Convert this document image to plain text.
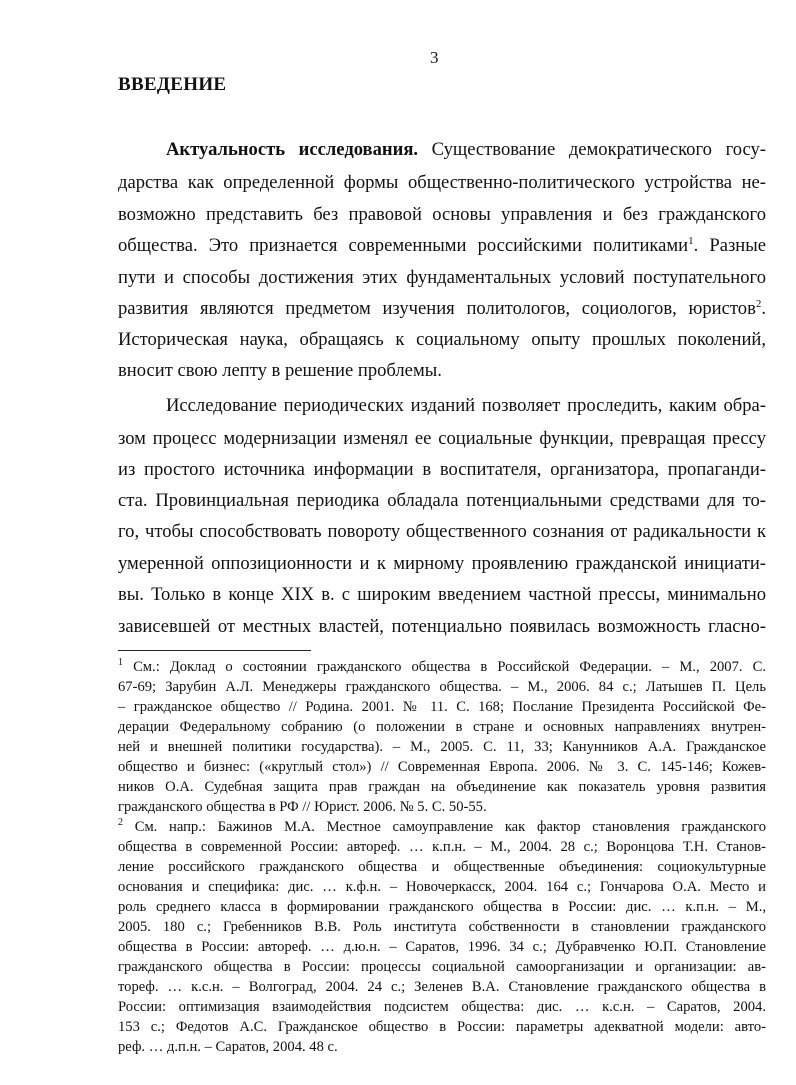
3
ВВЕДЕНИЕ
Актуальность исследования. Существование демократического госу-
дарства как определенной формы общественно-политического устройства не-
возможно представить без правовой основы управления и без гражданского
общества. Это признается современными российскими политиками$^1$. Разные
пути и способы достижения этих фундаментальных условий поступательного
развития являются предметом изучения политологов, социологов, юристов$^2$.
Историческая наука, обращаясь к социальному опыту прошлых поколений,
вносит свою лепту в решение проблемы.
Исследование периодических изданий позволяет проследить, каким обра-
зом процесс модернизации изменял ее социальные функции, превращая прессу
из простого источника информации в воспитателя, организатора, пропаганди-
ста. Провинциальная периодика обладала потенциальными средствами для то-
го, чтобы способствовать повороту общественного сознания от радикальности к
умеренной оппозиционности и к мирному проявлению гражданской инициати-
вы. Только в конце XIX в. с широким введением частной прессы, минимально
зависевшей от местных властей, потенциально появилась возможность гласно-
$^1$ См.: Доклад о состоянии гражданского общества в Российской Федерации. – М., 2007. С.
67-69; Зарубин А.Л. Менеджеры гражданского общества. – М., 2006. 84 с.; Латышев П. Цель
– гражданское общество // Родина. 2001. № 11. С. 168; Послание Президента Российской Фе-
дерации Федеральному собранию (о положении в стране и основных направлениях внутрен-
ней и внешней политики государства). – М., 2005. С. 11, 33; Канунников А.А. Гражданское
общество и бизнес: («круглый стол») // Современная Европа. 2006. № 3. С. 145-146; Кожев-
ников О.А. Судебная защита прав граждан на объединение как показатель уровня развития
гражданского общества в РФ // Юрист. 2006. № 5. С. 50-55.
$^2$ См. напр.: Бажинов М.А. Местное самоуправление как фактор становления гражданского
общества в современной России: автореф. … к.п.н. – М., 2004. 28 с.; Воронцова Т.Н. Станов-
ление российского гражданского общества и общественные объединения: социокультурные
основания и специфика: дис. … к.ф.н. – Новочеркасск, 2004. 164 с.; Гончарова О.А. Место и
роль среднего класса в формировании гражданского общества в России: дис. … к.п.н. – М.,
2005. 180 с.; Гребенников В.В. Роль института собственности в становлении гражданского
общества в России: автореф. … д.ю.н. – Саратов, 1996. 34 с.; Дубравченко Ю.П. Становление
гражданского общества в России: процессы социальной самоорганизации и организации: ав-
тореф. … к.с.н. – Волгоград, 2004. 24 с.; Зеленев В.А. Становление гражданского общества в
России: оптимизация взаимодействия подсистем общества: дис. … к.с.н. – Саратов, 2004.
153 с.; Федотов А.С. Гражданское общество в России: параметры адекватной модели: авто-
реф. … д.п.н. – Саратов, 2004. 48 с.
